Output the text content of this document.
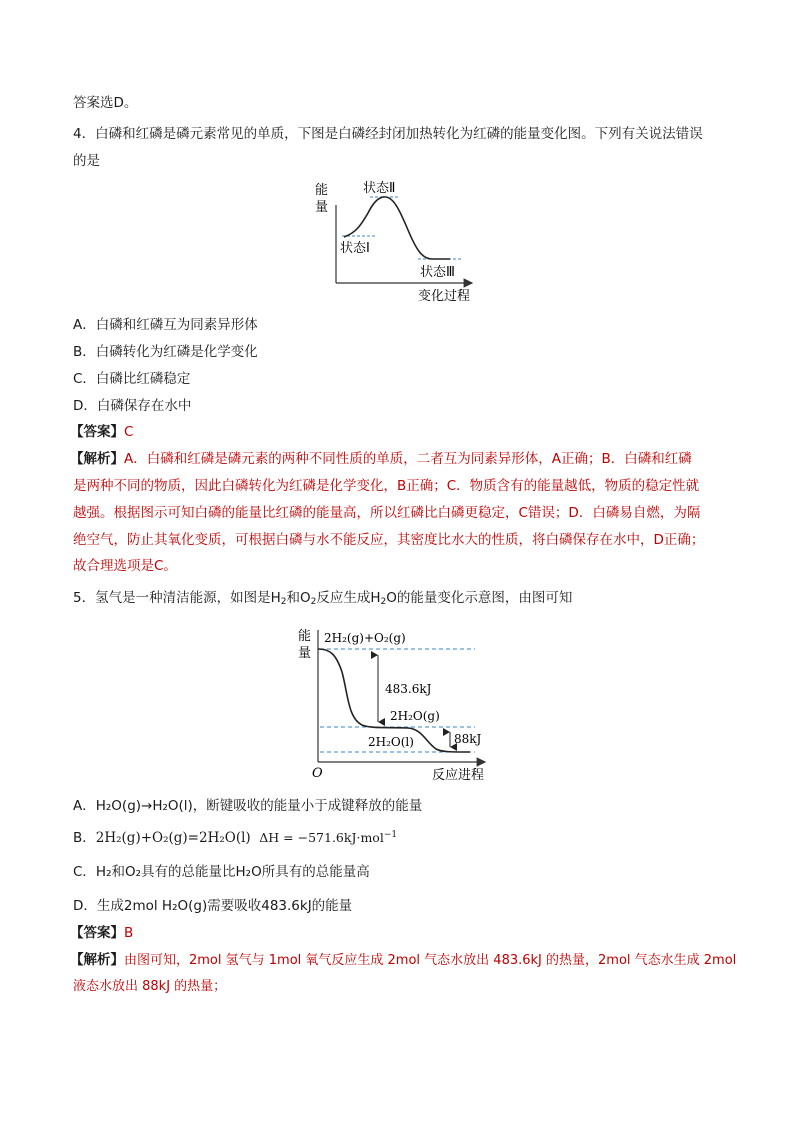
答案选D。
4．白磷和红磷是磷元素常见的单质，下图是白磷经封闭加热转化为红磷的能量变化图。下列有关说法错误
的是
能
量
状态Ⅱ
状态Ⅰ
状态Ⅲ
变化过程
A．白磷和红磷互为同素异形体
B．白磷转化为红磷是化学变化
C．白磷比红磷稳定
D．白磷保存在水中
【答案】C
【解析】A．白磷和红磷是磷元素的两种不同性质的单质，二者互为同素异形体，A正确；B．白磷和红磷
是两种不同的物质，因此白磷转化为红磷是化学变化，B正确；C．物质含有的能量越低，物质的稳定性就
越强。根据图示可知白磷的能量比红磷的能量高，所以红磷比白磷更稳定，C错误；D．白磷易自燃，为隔
绝空气，防止其氧化变质，可根据白磷与水不能反应，其密度比水大的性质，将白磷保存在水中，D正确；
故合理选项是C。
5．氢气是一种清洁能源，如图是$H_2$和$O_2$反应生成$H_2O$的能量变化示意图，由图可知
能
量
O
2H₂(g)+O₂(g)
483.6kJ
2H₂O(g)
2H₂O(l)	88kJ
反应进程
A．H₂O(g)→H₂O(l)，断键吸收的能量小于成键释放的能量
B．2H₂(g)+O₂(g)=2H₂O(l) ΔH = −571.6kJ·mol$^{-1}$
C．H₂和O₂具有的总能量比H₂O所具有的总能量高
D．生成2mol H₂O(g)需要吸收483.6kJ的能量
【答案】B
【解析】由图可知，2mol 氢气与 1mol 氧气反应生成 2mol 气态水放出 483.6kJ 的热量，2mol 气态水生成 2mol
液态水放出 88kJ 的热量；
